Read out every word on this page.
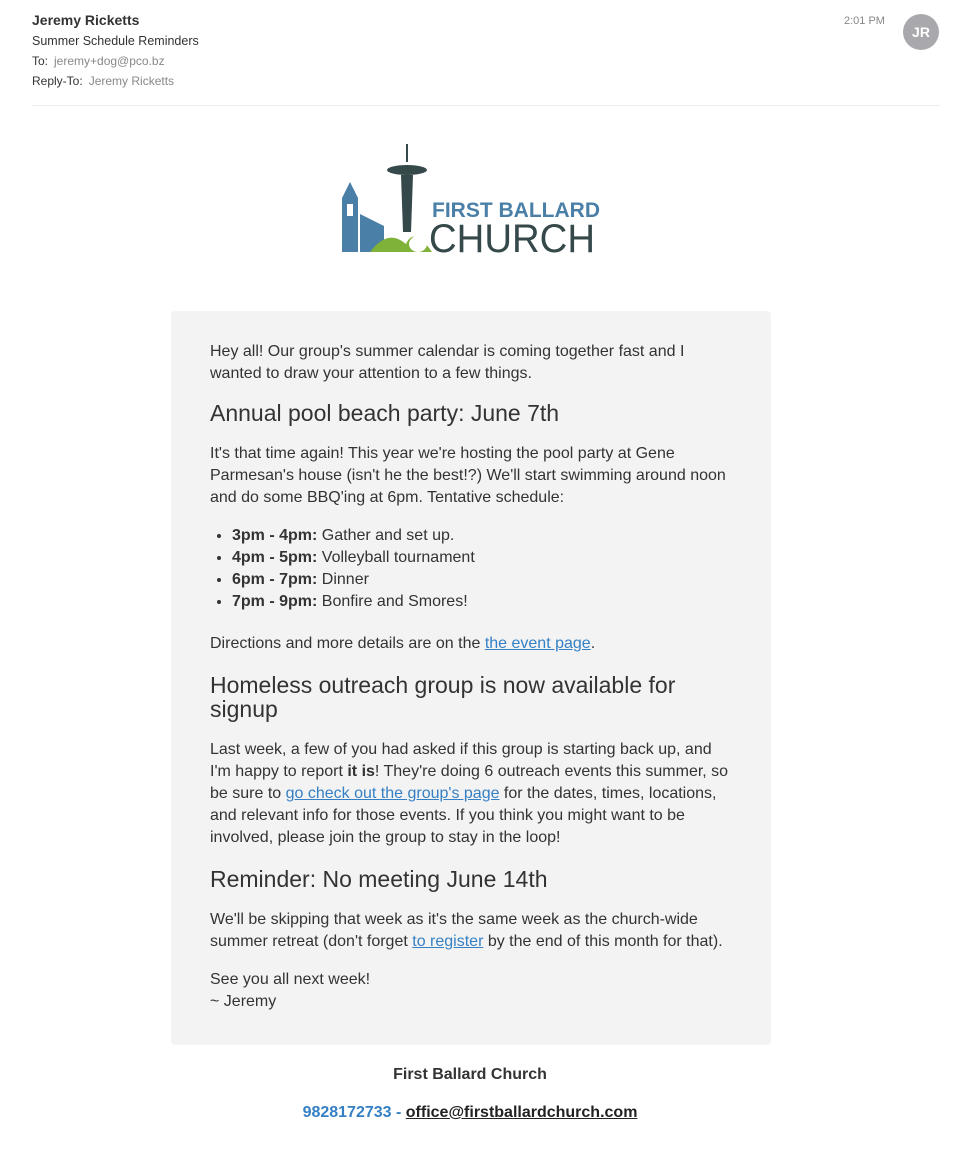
Jeremy Ricketts
Summer Schedule Reminders
To: jeremy+dog@pco.bz
Reply-To: Jeremy Ricketts
2:01 PM
JR
FIRST BALLARD
CHURCH

Hey all! Our group's summer calendar is coming together fast and I wanted to draw your attention to a few things.

Annual pool beach party: June 7th

It's that time again! This year we're hosting the pool party at Gene Parmesan's house (isn't he the best!?) We'll start swimming around noon and do some BBQ'ing at 6pm. Tentative schedule:

• 3pm - 4pm: Gather and set up.
• 4pm - 5pm: Volleyball tournament
• 6pm - 7pm: Dinner
• 7pm - 9pm: Bonfire and Smores!

Directions and more details are on the the event page.

Homeless outreach group is now available for signup

Last week, a few of you had asked if this group is starting back up, and I'm happy to report it is! They're doing 6 outreach events this summer, so be sure to go check out the group's page for the dates, times, locations, and relevant info for those events. If you think you might want to be involved, please join the group to stay in the loop!

Reminder: No meeting June 14th

We'll be skipping that week as it's the same week as the church-wide summer retreat (don't forget to register by the end of this month for that).

See you all next week!

~ Jeremy

First Ballard Church
9828172733 - office@firstballardchurch.com
